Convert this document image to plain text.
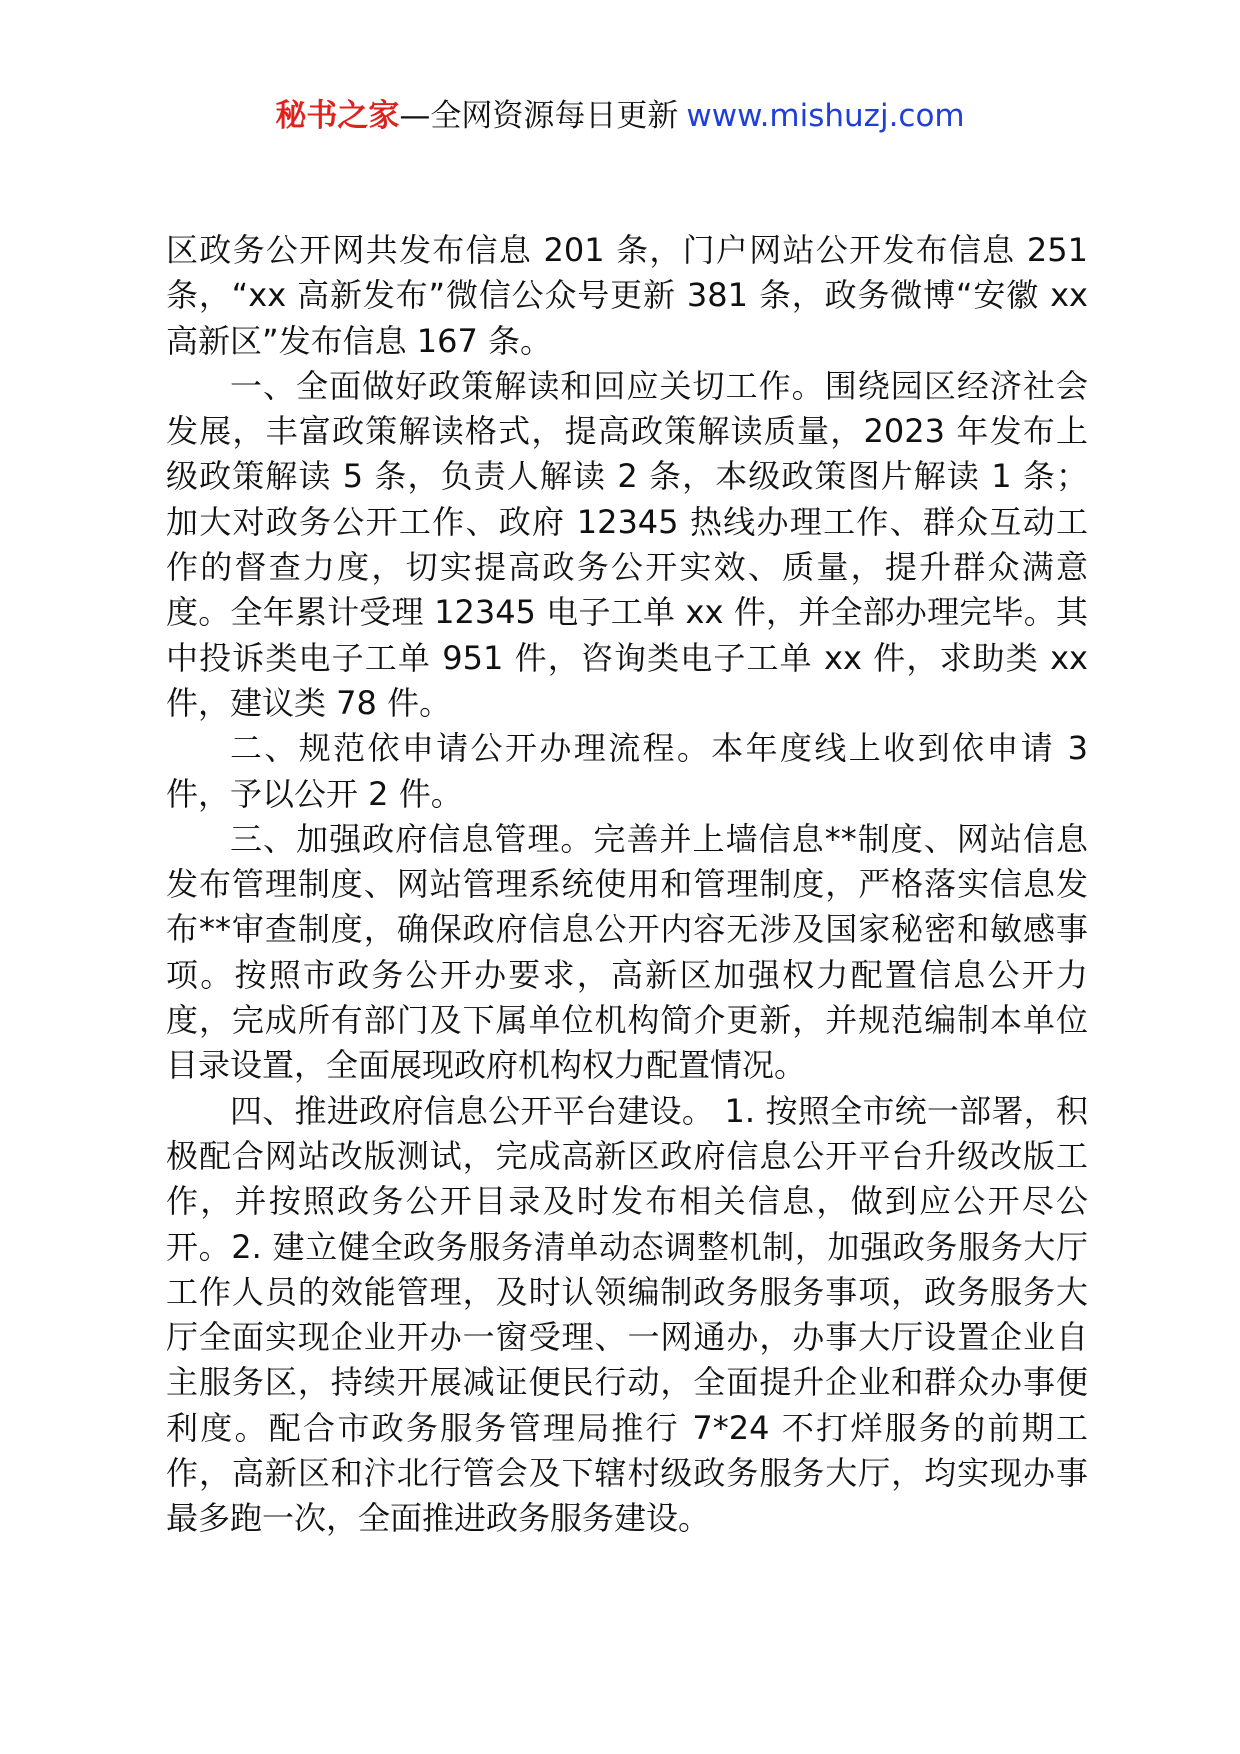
秘书之家—全网资源每日更新 www.mishuzj.com

区政务公开网共发布信息 201 条，门户网站公开发布信息 251 条，“xx 高新发布”微信公众号更新 381 条，政务微博“安徽 xx 高新区”发布信息 167 条。

一、全面做好政策解读和回应关切工作。围绕园区经济社会发展，丰富政策解读格式，提高政策解读质量，2023 年发布上级政策解读 5 条，负责人解读 2 条，本级政策图片解读 1 条；加大对政务公开工作、政府 12345 热线办理工作、群众互动工作的督查力度，切实提高政务公开实效、质量，提升群众满意度。全年累计受理 12345 电子工单 xx 件，并全部办理完毕。其中投诉类电子工单 951 件，咨询类电子工单 xx 件，求助类 xx 件，建议类 78 件。

二、规范依申请公开办理流程。本年度线上收到依申请 3 件，予以公开 2 件。

三、加强政府信息管理。完善并上墙信息**制度、网站信息发布管理制度、网站管理系统使用和管理制度，严格落实信息发布**审查制度，确保政府信息公开内容无涉及国家秘密和敏感事项。按照市政务公开办要求，高新区加强权力配置信息公开力度，完成所有部门及下属单位机构简介更新，并规范编制本单位目录设置，全面展现政府机构权力配置情况。

四、推进政府信息公开平台建设。 1. 按照全市统一部署，积极配合网站改版测试，完成高新区政府信息公开平台升级改版工作，并按照政务公开目录及时发布相关信息，做到应公开尽公开。2. 建立健全政务服务清单动态调整机制，加强政务服务大厅工作人员的效能管理，及时认领编制政务服务事项，政务服务大厅全面实现企业开办一窗受理、一网通办，办事大厅设置企业自主服务区，持续开展减证便民行动，全面提升企业和群众办事便利度。配合市政务服务管理局推行 7*24 不打烊服务的前期工作，高新区和汴北行管会及下辖村级政务服务大厅，均实现办事最多跑一次，全面推进政务服务建设。
